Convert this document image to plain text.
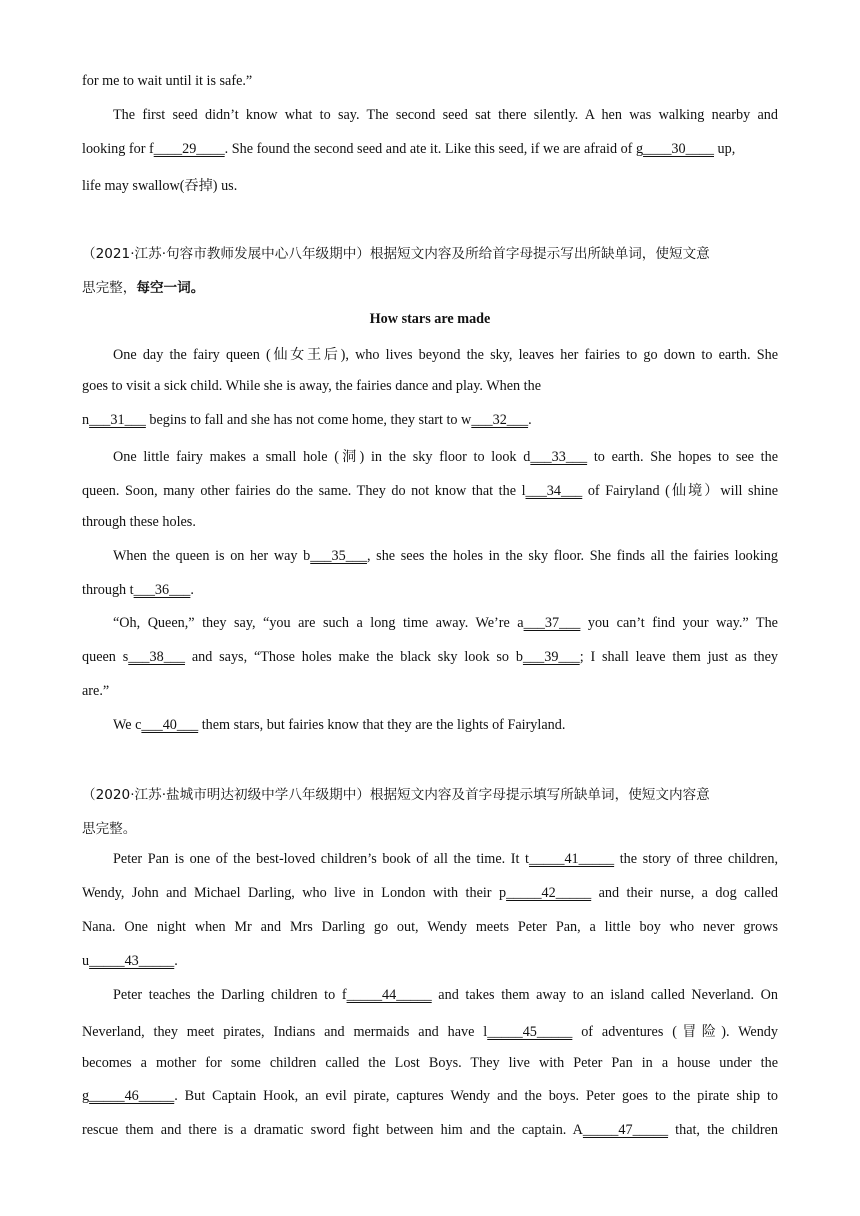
for me to wait until it is safe.”
The first seed didn’t know what to say. The second seed sat there silently. A hen was walking nearby and
looking for f____29____. She found the second seed and ate it. Like this seed, if we are afraid of g____30____ up,
life may swallow(吞掉) us.
（2021·江苏·句容市教师发展中心八年级期中）根据短文内容及所给首字母提示写出所缺单词，使短文意
思完整，每空一词。
How stars are made
One day the fairy queen (仙女王后), who lives beyond the sky, leaves her fairies to go down to earth. She
goes to visit a sick child. While she is away, the fairies dance and play. When the
n___31___ begins to fall and she has not come home, they start to w___32___.
One little fairy makes a small hole (洞) in the sky floor to look d___33___ to earth. She hopes to see the
queen. Soon, many other fairies do the same. They do not know that the l___34___ of Fairyland (仙境）will shine
through these holes.
When the queen is on her way b___35___, she sees the holes in the sky floor. She finds all the fairies looking
through t___36___.
“Oh, Queen,” they say, “you are such a long time away. We’re a___37___ you can’t find your way.” The
queen s___38___ and says, “Those holes make the black sky look so b___39___; I shall leave them just as they
are.”
We c___40___ them stars, but fairies know that they are the lights of Fairyland.
（2020·江苏·盐城市明达初级中学八年级期中）根据短文内容及首字母提示填写所缺单词，使短文内容意
思完整。
Peter Pan is one of the best-loved children’s book of all the time. It t_____41_____ the story of three children,
Wendy, John and Michael Darling, who live in London with their p_____42_____ and their nurse, a dog called
Nana. One night when Mr and Mrs Darling go out, Wendy meets Peter Pan, a little boy who never grows
u_____43_____.
Peter teaches the Darling children to f_____44_____ and takes them away to an island called Neverland. On
Neverland, they meet pirates, Indians and mermaids and have l_____45_____ of adventures (冒险). Wendy
becomes a mother for some children called the Lost Boys. They live with Peter Pan in a house under the
g_____46_____. But Captain Hook, an evil pirate, captures Wendy and the boys. Peter goes to the pirate ship to
rescue them and there is a dramatic sword fight between him and the captain. A_____47_____ that, the children
